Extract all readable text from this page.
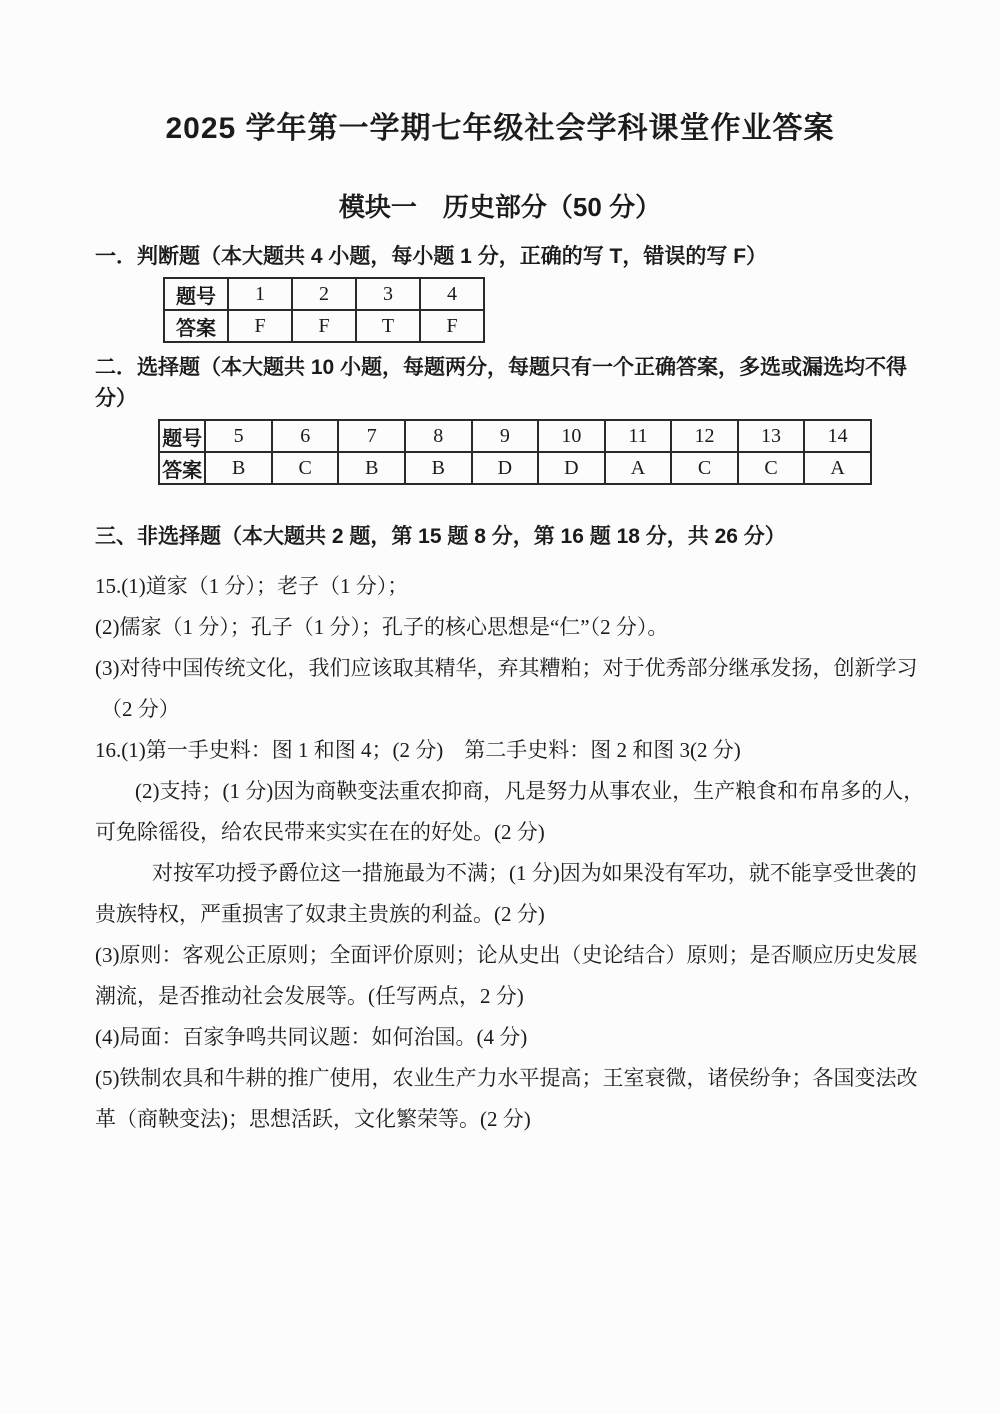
2025 学年第一学期七年级社会学科课堂作业答案
模块一　历史部分（50 分）
一．判断题（本大题共 4 小题，每小题 1 分，正确的写 T，错误的写 F）
题号	1	2	3	4
答案	F	F	T	F
二．选择题（本大题共 10 小题，每题两分，每题只有一个正确答案，多选或漏选均不得分）
题号	5	6	7	8	9	10	11	12	13	14
答案	B	C	B	B	D	D	A	C	C	A
三、非选择题（本大题共 2 题，第 15 题 8 分，第 16 题 18 分，共 26 分）
15.(1)道家（1 分）；老子（1 分）；
(2)儒家（1 分）；孔子（1 分）；孔子的核心思想是“仁”（2 分）。
(3)对待中国传统文化，我们应该取其精华，弃其糟粕；对于优秀部分继承发扬，创新学习
（2 分）
16.(1)第一手史料：图 1 和图 4；(2 分)　第二手史料：图 2 和图 3(2 分)
(2)支持；(1 分)因为商鞅变法重农抑商，凡是努力从事农业，生产粮食和布帛多的人，
可免除徭役，给农民带来实实在在的好处。(2 分)
对按军功授予爵位这一措施最为不满；(1 分)因为如果没有军功，就不能享受世袭的
贵族特权，严重损害了奴隶主贵族的利益。(2 分)
(3)原则：客观公正原则；全面评价原则；论从史出（史论结合）原则；是否顺应历史发展
潮流，是否推动社会发展等。(任写两点，2 分)
(4)局面：百家争鸣共同议题：如何治国。(4 分)
(5)铁制农具和牛耕的推广使用，农业生产力水平提高；王室衰微，诸侯纷争；各国变法改
革（商鞅变法)；思想活跃，文化繁荣等。(2 分)
